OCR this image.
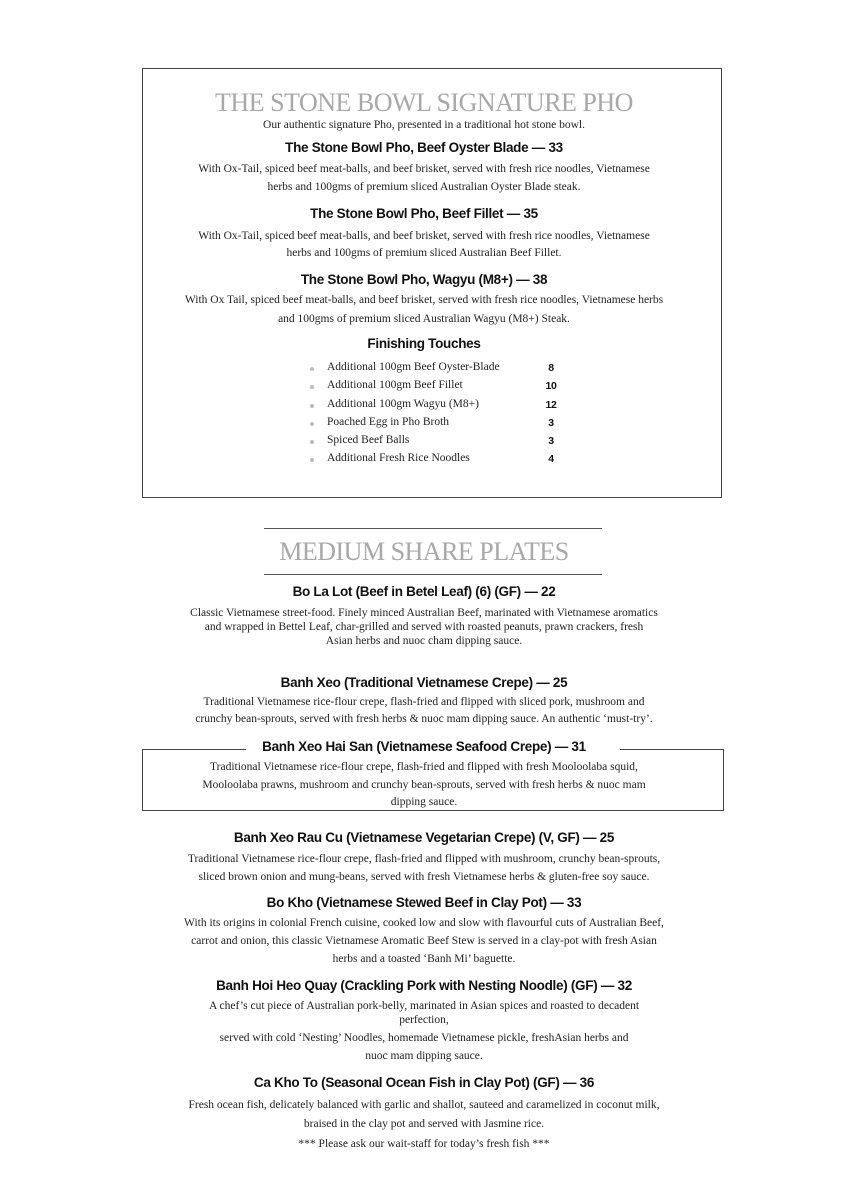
THE STONE BOWL SIGNATURE PHO
Our authentic signature Pho, presented in a traditional hot stone bowl.
The Stone Bowl Pho, Beef Oyster Blade — 33
With Ox-Tail, spiced beef meat-balls, and beef brisket, served with fresh rice noodles, Vietnamese
herbs and 100gms of premium sliced Australian Oyster Blade steak.
The Stone Bowl Pho, Beef Fillet — 35
With Ox-Tail, spiced beef meat-balls, and beef brisket, served with fresh rice noodles, Vietnamese
herbs and 100gms of premium sliced Australian Beef Fillet.
The Stone Bowl Pho, Wagyu (M8+) — 38
With Ox Tail, spiced beef meat-balls, and beef brisket, served with fresh rice noodles, Vietnamese herbs
and 100gms of premium sliced Australian Wagyu (M8+) Steak.
Finishing Touches
Additional 100gm Beef Oyster-Blade	8
Additional 100gm Beef Fillet	10
Additional 100gm Wagyu (M8+)	12
Poached Egg in Pho Broth	3
Spiced Beef Balls	3
Additional Fresh Rice Noodles	4
MEDIUM SHARE PLATES
Bo La Lot (Beef in Betel Leaf) (6) (GF) — 22
Classic Vietnamese street-food. Finely minced Australian Beef, marinated with Vietnamese aromatics
and wrapped in Bettel Leaf, char-grilled and served with roasted peanuts, prawn crackers, fresh
Asian herbs and nuoc cham dipping sauce.
Banh Xeo (Traditional Vietnamese Crepe) — 25
Traditional Vietnamese rice-flour crepe, flash-fried and flipped with sliced pork, mushroom and
crunchy bean-sprouts, served with fresh herbs & nuoc mam dipping sauce. An authentic ‘must-try’.
Banh Xeo Hai San (Vietnamese Seafood Crepe) — 31
Traditional Vietnamese rice-flour crepe, flash-fried and flipped with fresh Mooloolaba squid,
Mooloolaba prawns, mushroom and crunchy bean-sprouts, served with fresh herbs & nuoc mam
dipping sauce.
Banh Xeo Rau Cu (Vietnamese Vegetarian Crepe) (V, GF) — 25
Traditional Vietnamese rice-flour crepe, flash-fried and flipped with mushroom, crunchy bean-sprouts,
sliced brown onion and mung-beans, served with fresh Vietnamese herbs & gluten-free soy sauce.
Bo Kho (Vietnamese Stewed Beef in Clay Pot) — 33
With its origins in colonial French cuisine, cooked low and slow with flavourful cuts of Australian Beef,
carrot and onion, this classic Vietnamese Aromatic Beef Stew is served in a clay-pot with fresh Asian
herbs and a toasted ‘Banh Mi’ baguette.
Banh Hoi Heo Quay (Crackling Pork with Nesting Noodle) (GF) — 32
A chef’s cut piece of Australian pork-belly, marinated in Asian spices and roasted to decadent
perfection,
served with cold ‘Nesting’ Noodles, homemade Vietnamese pickle, freshAsian herbs and
nuoc mam dipping sauce.
Ca Kho To (Seasonal Ocean Fish in Clay Pot) (GF) — 36
Fresh ocean fish, delicately balanced with garlic and shallot, sauteed and caramelized in coconut milk,
braised in the clay pot and served with Jasmine rice.
*** Please ask our wait-staff for today’s fresh fish ***
